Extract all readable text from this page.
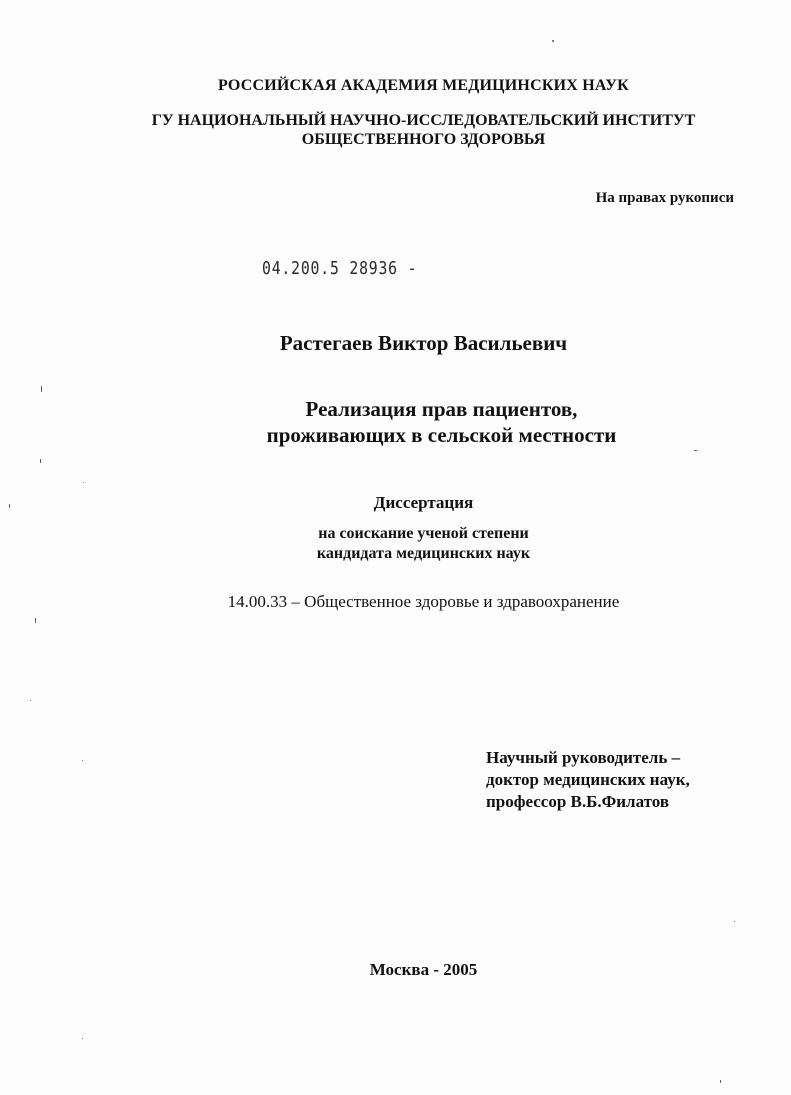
РОССИЙСКАЯ АКАДЕМИЯ МЕДИЦИНСКИХ НАУК
ГУ НАЦИОНАЛЬНЫЙ НАУЧНО-ИССЛЕДОВАТЕЛЬСКИЙ ИНСТИТУТ
ОБЩЕСТВЕННОГО ЗДОРОВЬЯ
На правах рукописи
04.200.5 28936 -
Растегаев Виктор Васильевич
Реализация прав пациентов,
проживающих в сельской местности
Диссертация
на соискание ученой степени
кандидата медицинских наук
14.00.33 – Общественное здоровье и здравоохранение
Научный руководитель –
доктор медицинских наук,
профессор В.Б.Филатов
Москва - 2005
